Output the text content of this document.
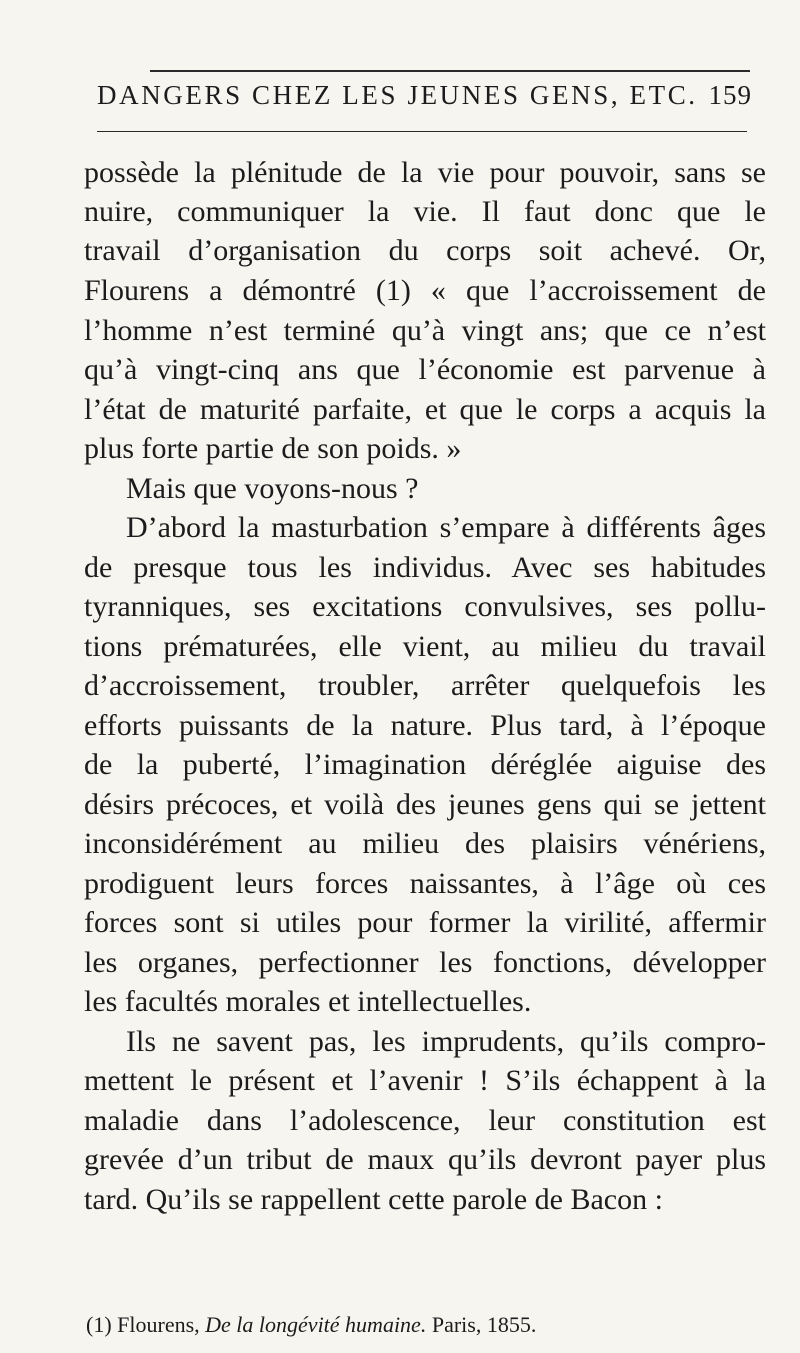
DANGERS CHEZ LES JEUNES GENS, ETC. 159
possède la plénitude de la vie pour pouvoir, sans se
nuire, communiquer la vie. Il faut donc que le
travail d’organisation du corps soit achevé. Or,
Flourens a démontré (1) « que l’accroissement de
l’homme n’est terminé qu’à vingt ans; que ce n’est
qu’à vingt-cinq ans que l’économie est parvenue à
l’état de maturité parfaite, et que le corps a acquis la
plus forte partie de son poids. »
Mais que voyons-nous ?
D’abord la masturbation s’empare à différents âges
de presque tous les individus. Avec ses habitudes
tyranniques, ses excitations convulsives, ses pollu-
tions prématurées, elle vient, au milieu du travail
d’accroissement, troubler, arrêter quelquefois les
efforts puissants de la nature. Plus tard, à l’époque
de la puberté, l’imagination déréglée aiguise des
désirs précoces, et voilà des jeunes gens qui se jettent
inconsidérément au milieu des plaisirs vénériens,
prodiguent leurs forces naissantes, à l’âge où ces
forces sont si utiles pour former la virilité, affermir
les organes, perfectionner les fonctions, développer
les facultés morales et intellectuelles.
Ils ne savent pas, les imprudents, qu’ils compro-
mettent le présent et l’avenir ! S’ils échappent à la
maladie dans l’adolescence, leur constitution est
grevée d’un tribut de maux qu’ils devront payer plus
tard. Qu’ils se rappellent cette parole de Bacon :
(1) Flourens, De la longévité humaine. Paris, 1855.
